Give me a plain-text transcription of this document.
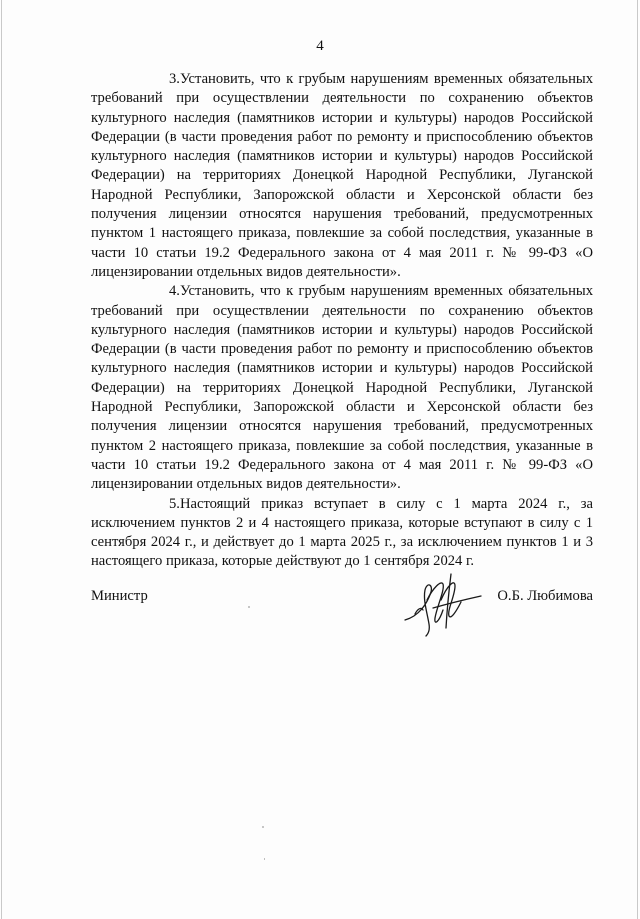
4

3.Установить, что к грубым нарушениям временных обязательных требований при осуществлении деятельности по сохранению объектов культурного наследия (памятников истории и культуры) народов Российской Федерации (в части проведения работ по ремонту и приспособлению объектов культурного наследия (памятников истории и культуры) народов Российской Федерации) на территориях Донецкой Народной Республики, Луганской Народной Республики, Запорожской области и Херсонской области без получения лицензии относятся нарушения требований, предусмотренных пунктом 1 настоящего приказа, повлекшие за собой последствия, указанные в части 10 статьи 19.2 Федерального закона от 4 мая 2011 г. № 99-ФЗ «О лицензировании отдельных видов деятельности».

4.Установить, что к грубым нарушениям временных обязательных требований при осуществлении деятельности по сохранению объектов культурного наследия (памятников истории и культуры) народов Российской Федерации (в части проведения работ по ремонту и приспособлению объектов культурного наследия (памятников истории и культуры) народов Российской Федерации) на территориях Донецкой Народной Республики, Луганской Народной Республики, Запорожской области и Херсонской области без получения лицензии относятся нарушения требований, предусмотренных пунктом 2 настоящего приказа, повлекшие за собой последствия, указанные в части 10 статьи 19.2 Федерального закона от 4 мая 2011 г. № 99-ФЗ «О лицензировании отдельных видов деятельности».

5.Настоящий приказ вступает в силу с 1 марта 2024 г., за исключением пунктов 2 и 4 настоящего приказа, которые вступают в силу с 1 сентября 2024 г., и действует до 1 марта 2025 г., за исключением пунктов 1 и 3 настоящего приказа, которые действуют до 1 сентября 2024 г.

Министр	О.Б. Любимова
